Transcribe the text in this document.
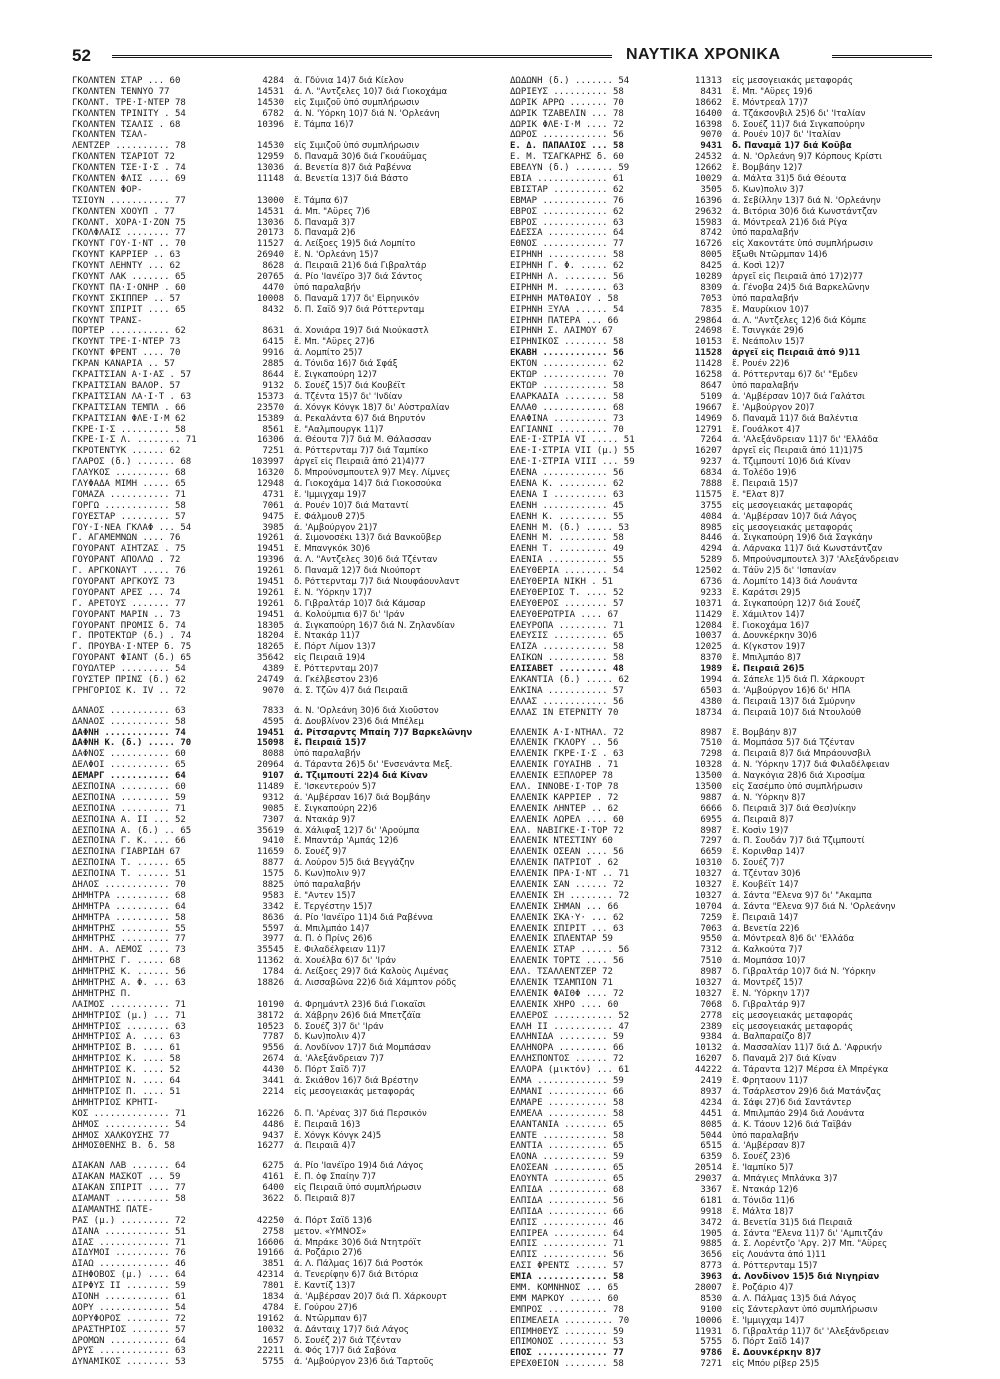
52	ΝΑΥΤΙΚΑ ΧΡΟΝΙΚΑ
ΓΚΟΛΝΤΕΝ ΣΤΑΡ ... 60	4284	ά. Γδύνια 14)7 διά Κίελον
ΓΚΟΛΝΤΕΝ ΤΕΝΝΥΟ 77	14531	ά. Λ. "Αντζελες 10)7 διά Γιοκοχάμα
ΓΚΟΛΝΤ. ΤΡΕ·Ι·ΝΤΕΡ 78	14530	εἰς Σιμιζοῦ ὑπό συμπλήρωσιν
ΓΚΟΛΝΤΕΝ ΤΡΙΝΙΤΥ . 54	6782	ά. Ν. 'Υόρκη 10)7 διά Ν. 'Ορλεάνη
ΓΚΟΛΝΤΕΝ ΤΣΑΛΙΣ . 68	10396	ἔ. Τάμπα 16)7
ΓΚΟΛΝΤΕΝ ΤΣΑΛ-
ΛΕΝΤΖΕΡ .......... 78	14530	εἰς Σιμιζοῦ ὑπό συμπλήρωσιν
ΓΚΟΛΝΤΕΝ ΤΣΑΡΙΟΤ 72	12959	δ. Παναμᾶ 30)6 διά Γκουάϋμας
ΓΚΟΛΝΤΕΝ ΤΣΕ·Ι·Σ . 74	13036	ά. Βενετία 8)7 διά Ραβέννα
ΓΚΟΛΝΤΕΝ ΦΛΙΣ .... 69	11148	ά. Βενετία 13)7 διά Βάστο
ΓΚΟΛΝΤΕΝ ΦΟΡ-
ΤΣΙΟΥΝ ........... 77	13000	ἔ. Τάμπα 6)7
ΓΚΟΛΝΤΕΝ ΧΟΟΥΠ . 77	14531	ά. Μπ. "Αϋρες 7)6
ΓΚΟΛΝΤ. ΧΟΡΑ·Ι·ΖΟΝ 75	13036	δ. Παναμᾶ 3)7
ΓΚΟΛΦΛΑΙΣ ........ 77	20173	δ. Παναμᾶ 2)6
ΓΚΟΥΝΤ ΓΟΥ·Ι·ΝΤ .. 70	11527	ά. Λείξοες 19)5 διά Λομπίτο
ΓΚΟΥΝΤ ΚΑΡΡΙΕΡ .. 63	26940	ἔ. Ν. 'Ορλεάνη 15)7
ΓΚΟΥΝΤ ΛΕΗΝΤΥ ... 62	8628	ά. Πειραιᾶ 21)6 διά Γιβραλτάρ
ΓΚΟΥΝΤ ΛΑΚ ....... 65	20765	ά. Ρίο 'Ιανέϊρο 3)7 διά Σάντος
ΓΚΟΥΝΤ ΠΑ·Ι·ΟΝΗΡ . 60	4470	ὑπό παραλαβήν
ΓΚΟΥΝΤ ΣΚΙΠΠΕΡ .. 57	10008	δ. Παναμᾶ 17)7 δι' Εἰρηνικόν
ΓΚΟΥΝΤ ΣΠΙΡΙΤ .... 65	8432	δ. Π. Σαΐδ 9)7 διά Ρόττερνταμ
ΓΚΟΥΝΤ ΤΡΑΝΣ-
ΠΟΡΤΕΡ ........... 62	8631	ά. Χονιάρα 19)7 διά Νιούκαστλ
ΓΚΟΥΝΤ ΤΡΕ·Ι·ΝΤΕΡ 73	6415	ἔ. Μπ. "Αϋρες 27)6
ΓΚΟΥΝΤ ΦΡΕΝΤ .... 70	9916	ά. Λομπίτο 25)7
ΓΚΡΑΝ ΚΑΝΑΡΙΑ .. 57	2885	ά. Τόνιδα 16)7 διά Σφάξ
ΓΚΡΑΙΤΣΙΑΝ Α·Ι·ΑΣ . 57	8644	ἔ. Σιγκαπούρη 12)7
ΓΚΡΑΙΤΣΙΑΝ ΒΑΛΟΡ. 57	9132	δ. Σουέζ 15)7 διά Κουβέϊτ
ΓΚΡΑΙΤΣΙΑΝ ΛΑ·Ι·Τ . 63	15373	ά. Τζέντα 15)7 δι' 'Ινδίαν
ΓΚΡΑΙΤΣΙΑΝ ΤΕΜΠΛ . 66	23570	ά. Χόνγκ Κόνγκ 18)7 δι' Αὐστραλίαν
ΓΚΡΑΙΤΣΙΑΝ ΦΛΕ·Ι·Μ 62	15389	ά. Ρεκαλάντα 6)7 διά Βηρυτόν
ΓΚΡΕ·Ι·Σ ......... 58	8561	ἔ. "Ααλμπουργκ 11)7
ΓΚΡΕ·Ι·Σ Λ. ........ 71	16306	ά. Θέουτα 7)7 διά Μ. Θάλασσαν
ΓΚΡΟΤΕΝΤΥΚ ...... 62	7251	ά. Ρόττερνταμ 7)7 διά Ταμπίκο
ΓΛΑΡΟΣ (δ.) ....... 68	103997	ἀργεῖ εἰς Πειραιᾶ ἀπό 21)4)77
ΓΛΑΥΚΟΣ .......... 68	16320	δ. Μπρούνσμπουτελ 9)7 Μεγ. Λίμνες
ΓΛΥΦΑΔΑ ΜΙΜΗ ..... 65	12948	ά. Γιοκοχάμα 14)7 διά Γιοκοσούκα
ΓΟΜΑΖΑ ........... 71	4731	ἔ. 'Ιμμιγχαμ 19)7
ΓΟΡΓΩ ............ 58	7061	ά. Ρουέν 10)7 διά Ματαντί
ΓΟΥΕΣΤΑΡ ......... 57	9475	ἔ. Φάλμουθ 27)5
ΓΟΥ·Ι·ΝΕΑ ΓΚΛΑΦ ... 54	3985	ά. 'Αμβούργον 21)7
Γ. ΑΓΑΜΕΜΝΩΝ .... 76	19261	ά. Σιμονοσέκι 13)7 διά Βανκοῦβερ
ΓΟΥΟΡΑΝΤ ΑΙΗΤΖΑΣ . 75	19451	ἔ. Μπανγκόκ 30)6
ΓΟΥΟΡΑΝΤ ΑΠΟΛΛΩ . 72	19396	ά. Λ. "Αντζελες 30)6 διά Τζένταν
Γ. ΑΡΓΚΟΝΑΥΤ ..... 76	19261	δ. Παναμᾶ 12)7 διά Νιούπορτ
ΓΟΥΟΡΑΝΤ ΑΡΓΚΟΥΣ 73	19451	δ. Ρόττερνταμ 7)7 διά Νιουφάουνλαντ
ΓΟΥΟΡΑΝΤ ΑΡΕΣ ... 74	19261	ἔ. Ν. 'Υόρκην 17)7
Γ. ΑΡΕΤΟΥΣ ....... 77	19261	δ. Γιβραλτάρ 10)7 διά Κάμσαρ
ΓΟΥΟΡΑΝΤ ΜΑΡΙΝ .. 73	19451	ά. Κολούμπια 6)7 δι' 'Ιράν
ΓΟΥΟΡΑΝΤ ΠΡΟΜΙΣ δ. 74	18305	ά. Σιγκαπούρη 16)7 διά Ν. Ζηλανδίαν
Γ. ΠΡΟΤΕΚΤΩΡ (δ.) . 74	18204	ἔ. Ντακάρ 11)7
Γ. ΠΡΟΥΒΑ·Ι·ΝΤΕΡ δ. 75	18265	ἔ. Πόρτ Λίμον 13)7
ΓΟΥΟΡΑΝΤ ΦΙΑΝΤ (δ.) 65	35642	εἰς Πειραιᾶ 19)4
ΓΟΥΩΛΤΕΡ ......... 54	4389	ἔ. Ρόττερνταμ 20)7
ΓΟΥΣΤΕΡ ΠΡΙΝΣ (δ.) 62	24749	ά. Γκέλβεστον 23)6
ΓΡΗΓΟΡΙΟΣ Κ. ΙV .. 72	9070	ά. Σ. Τζῶν 4)7 διά Πειραιᾶ
ΔΑΝΑΟΣ ........... 63	7833	ά. Ν. 'Ορλεάνη 30)6 διά Χιοῦστον
ΔΑΝΑΟΣ ........... 58	4595	ά. Δουβλίνον 23)6 διά Μπέλεμ
ΔΑΦΝΗ ............ 74	19451	ά. Ρίτσαρντς Μπαίη 7)7 Βαρκελῶνην
ΔΑΦΝΗ Κ. (δ.) ..... 70	15098	ἔ. Πειραιᾶ 15)7
ΔΑΦΝΟΣ ........... 60	8088	ὑπό παραλαβήν
ΔΕΛΦΟΙ ........... 65	20964	ά. Τάραντα 26)5 δι' 'Ενσενάντα Μεξ.
ΔΕΜΑΡΓ ........... 64	9107	ά. Τζιμπουτί 22)4 διά Κίναν
ΔΕΣΠΟΙΝΑ ......... 60	11489	ἔ. 'Ισκεντερούν 5)7
ΔΕΣΠΟΙΝΑ ......... 59	9312	ά. 'Αμβέρσαν 16)7 διά Βομβάην
ΔΕΣΠΟΙΝΑ ......... 71	9085	ἔ. Σιγκαπούρη 22)6
ΔΕΣΠΟΙΝΑ Α. ΙΙ ... 52	7307	ά. Ντακάρ 9)7
ΔΕΣΠΟΙΝΑ Α. (δ.) .. 65	35619	ά. Χάλιφαξ 12)7 δι' 'Αρούμπα
ΔΕΣΠΟΙΝΑ Γ. Κ. ... 66	9410	ἔ. Μπαντάρ 'Αμπάς 12)6
ΔΕΣΠΟΙΝΑ ΓΙΑΒΡΙΔΗ 67	11659	δ. Σουέζ 9)7
ΔΕΣΠΟΙΝΑ Τ. ...... 65	8877	ά. Λούρον 5)5 διά Βεγγάζην
ΔΕΣΠΟΙΝΑ Τ. ...... 51	1575	δ. Κων)πολιν 9)7
ΔΗΛΟΣ ............ 70	8825	ὑπό παραλαβήν
ΔΗΜΗΤΡΑ .......... 68	9583	ἔ. "Αντεν 15)7
ΔΗΜΗΤΡΑ .......... 64	3342	ἔ. Τεργέστην 15)7
ΔΗΜΗΤΡΑ .......... 58	8636	ά. Ρίο 'Ιανέϊρο 11)4 διά Ραβέννα
ΔΗΜΗΤΡΗΣ ......... 55	5597	ά. Μπιλμπάο 14)7
ΔΗΜΗΤΡΗΣ ......... 77	3977	ά. Π. ὀ Πρίνς 26)6
ΔΗΜ. Α. ΛΕΜΟΣ .... 73	35545	ἔ. Φιλαδέλφειαν 11)7
ΔΗΜΗΤΡΗΣ Γ. ..... 68	11362	ά. Χουέλβα 6)7 δι' 'Ιράν
ΔΗΜΗΤΡΗΣ Κ. ...... 56	1784	ά. Λείξοες 29)7 διά Καλοὺς Λιμένας
ΔΗΜΗΤΡΗΣ Α. Φ. ... 63	18826	ά. Λισσαβῶνα 22)6 διά Χάμπτον ρόδς
ΔΗΜΗΤΡΗΣ Π.
ΛΑΙΜΟΣ ........... 71	10190	ά. Φρημάντλ 23)6 διά Γιοκαΐσι
ΔΗΜΗΤΡΙΟΣ (μ.) ... 71	38172	ά. Χάβρην 26)6 διά Μπετζάϊα
ΔΗΜΗΤΡΙΟΣ ........ 63	10523	δ. Σουέζ 3)7 δι' 'Ιράν
ΔΗΜΗΤΡΙΟΣ Α. .... 63	7787	δ. Κων)πολιν 4)7
ΔΗΜΗΤΡΙΟΣ Β. .... 61	9556	ά. Λονδίνον 17)7 διά Μομπάσαν
ΔΗΜΗΤΡΙΟΣ Κ. .... 58	2674	ά. 'Αλεξάνδρειαν 7)7
ΔΗΜΗΤΡΙΟΣ Κ. .... 52	4430	δ. Πόρτ Σαΐδ 7)7
ΔΗΜΗΤΡΙΟΣ Ν. .... 64	3441	ά. Σκιάθον 16)7 διά Βρέστην
ΔΗΜΗΤΡΙΟΣ Π. .... 51	2214	εἰς μεσογειακάς μεταφοράς
ΔΗΜΗΤΡΙΟΣ ΚΡΗΤΙ-
ΚΟΣ .............. 71	16226	δ. Π. 'Αρένας 3)7 διά Περσικόν
ΔΗΜΟΣ ............ 54	4486	ἔ. Πειραιᾶ 16)3
ΔΗΜΟΣ ΧΑΛΚΟΥΣΗΣ 77	9437	ἔ. Χόνγκ Κόνγκ 24)5
ΔΗΜΟΣΘΕΝΗΣ Β. δ. 58	16277	ά. Πειραιᾶ 4)7
ΔΙΑΚΑΝ ΛΑΒ ....... 64	6275	ά. Ρίο 'Ιανέϊρο 19)4 διά Λάγος
ΔΙΑΚΑΝ ΜΑΣΚΟΤ ... 59	4161	ἔ. Π. ὀφ Σπαίην 7)7
ΔΙΑΚΑΝ ΣΠΙΡΙΤ .... 77	6400	εἰς Πειραιᾶ ὑπό συμπλήρωσιν
ΔΙΑΜΑΝΤ .......... 58	3622	δ. Πειραιᾶ 8)7
ΔΙΑΜΑΝΤΗΣ ΠΑΤΕ-
ΡΑΣ (μ.) ......... 72	42250	ά. Πόρτ Σαΐδ 13)6
ΔΙΑΝΑ ............ 51	2758	μετον. «ΥΜΝΟΣ»
ΔΙΑΣ ............. 71	16606	ά. Μπράκε 30)6 διά Ντητρόϊτ
ΔΙΔΥΜΟΙ .......... 76	19166	ά. Ροζάριο 27)6
ΔΙΑΩ ............. 46	3851	ά. Λ. Πάλμας 16)7 διά Ροστόκ
ΔΙΗΦΟΒΟΣ (μ.) .... 64	42314	ά. Τενερίφην 6)7 διά Βιτόρια
ΔΙΡΦΥΣ ΙΙ ........ 59	7801	ἔ. Καντίζ 13)7
ΔΙΟΝΗ ............ 61	1834	ά. 'Αμβέρσαν 20)7 διά Π. Χάρκουρτ
ΔΟΡΥ ............. 54	4784	ἔ. Γούρου 27)6
ΔΟΡΥΦΟΡΟΣ ........ 72	19162	ά. Ντῶρμπαν 6)7
ΔΡΑΣΤΗΡΙΟΣ ....... 57	10032	ά. Δάνταιχ 17)7 διά Λάγος
ΔΡΟΜΩΝ ........... 64	1657	δ. Σουέζ 2)7 διά Τζένταν
ΔΡΥΣ ............. 63	22211	ά. Φός 17)7 διά Σαβόνα
ΔΥΝΑΜΙΚΟΣ ........ 53	5755	ά. 'Αμβούργον 23)6 διά Ταρτοῦς
ΔΩΔΩΝΗ (δ.) ....... 54	11313	εἰς μεσογειακάς μεταφοράς
ΔΩΡΙΕΥΣ .......... 58	8431	ἔ. Μπ. "Αϋρες 19)6
ΔΩΡΙΚ ΑΡΡΩ ....... 70	18662	ἔ. Μόντρεαλ 17)7
ΔΩΡΙΚ ΤΖΑΒΕΛΙΝ ... 78	16400	ά. Τζάκσονβιλ 25)6 δι' 'Ιταλίαν
ΔΩΡΙΚ ΦΛΕ·Ι·Μ .... 72	16398	δ. Σουέζ 11)7 διά Σιγκαπούρην
ΔΩΡΟΣ ............ 56	9070	ά. Ρουέν 10)7 δι' 'Ιταλίαν
Ε. Δ. ΠΑΠΑΛΙΟΣ ... 58	9431	δ. Παναμᾶ 1)7 διά Κοῦβα
Ε. Μ. ΤΣΑΓΚΑΡΗΣ δ. 60	24532	ά. Ν. 'Ορλεάνη 9)7 Κόρπους Κρίστι
ΕΒΕΛΥΝ (δ.) ....... 59	12662	ἔ. Βομβάην 12)7
ΕΒΙΑ ............. 61	10029	ά. Μάλτα 31)5 διά Θέουτα
ΕΒΙΣΤΑΡ .......... 62	3505	δ. Κων)πολιν 3)7
ΕΒΜΑΡ ............ 76	16396	ά. Σεβίλλην 13)7 διά Ν. 'Ορλεάνην
ΕΒΡΟΣ ............ 62	29632	ά. Βιτόρια 30)6 διά Κωνστάντζαν
ΕΒΡΟΣ ............ 63	15983	ά. Μόντρεαλ 21)6 διά Ρίγα
ΕΔΕΣΣΑ ........... 64	8742	ὑπό παραλαβήν
ΕΘΝΟΣ ............ 77	16726	εἰς Χακοντάτε ὑπό συμπλήρωσιν
ΕΙΡΗΝΗ ........... 58	8005	ἔξωθι Ντῶρμπαν 14)6
ΕΙΡΗΝΗ Γ. Φ. ..... 62	8425	ά. Κοσὶ 12)7
ΕΙΡΗΝΗ Λ. ........ 56	10289	ἀργεῖ εἰς Πειραιᾶ ἀπό 17)2)77
ΕΙΡΗΝΗ Μ. ........ 63	8309	ά. Γένοβα 24)5 διά Βαρκελῶνην
ΕΙΡΗΝΗ ΜΑΤΘΑΙΟΥ . 58	7053	ὑπό παραλαβήν
ΕΙΡΗΝΗ ΞΥΛΑ ...... 54	7835	ἔ. Μαυρίκιον 10)7
ΕΙΡΗΝΗ ΠΑΤΕΡΑ ... 66	29864	ά. Λ. "Αντζελες 12)6 διά Κόμπε
ΕΙΡΗΝΗ Σ. ΛΑΙΜΟΥ 67	24698	ἔ. Τσινγκάε 29)6
ΕΙΡΗΝΙΚΟΣ ........ 58	10153	ἔ. Νεάπολιν 15)7
ΕΚΑΒΗ ............ 56	11528	ἀργεῖ εἰς Πειραιᾶ ἀπό 9)11
ΕΚΤΟΝ ............ 62	11428	ἔ. Ρουέν 22)6
ΕΚΤΩΡ ............ 70	16258	ά. Ρόττερνταμ 6)7 δι' "Εμδεν
ΕΚΤΩΡ ............ 58	8647	ὑπό παραλαβήν
ΕΛΑΡΚΑΔΙΑ ........ 58	5109	ά. 'Αμβέρσαν 10)7 διά Γαλάτσι
ΕΛΛΑΘ ............ 68	19667	ἔ. 'Αμβούργον 20)7
ΕΛΑΦΙΝΑ .......... 73	14969	δ. Παναμᾶ 11)7 διά Βαλέντια
ΕΛΓΙΑΝΝΙ ......... 70	12791	ἔ. Γουάλκοτ 4)7
ΕΛΕ·Ι·ΣΤΡΙΑ VΙ ..... 51	7264	ά. 'Αλεξάνδρειαν 11)7 δι' 'Ελλάδα
ΕΛΕ·Ι·ΣΤΡΙΑ VΙΙ (μ.) 55	16207	ἀργεῖ εἰς Πειραιᾶ ἀπό 11)1)75
ΕΛΕ·Ι·ΣΤΡΙΑ VΙΙΙ ... 59	9237	ά. Τζιμπουτί 10)6 διά Κίναν
ΕΛΕΝΑ ............ 56	6834	ά. Τολέδο 19)6
ΕΛΕΝΑ Κ. ......... 62	7888	ἔ. Πειραιᾶ 15)7
ΕΛΕΝΑ Ι .......... 63	11575	ἔ. "Ελατ 8)7
ΕΛΕΝΗ ............ 45	3755	εἰς μεσογειακάς μεταφοράς
ΕΛΕΝΗ Κ. ......... 55	4084	ά. 'Αμβέρσαν 10)7 διά Λάγος
ΕΛΕΝΗ Μ. (δ.) ..... 53	8985	εἰς μεσογειακάς μεταφοράς
ΕΛΕΝΗ Μ. ......... 58	8446	ά. Σιγκαπούρη 19)6 διά Σαγκάην
ΕΛΕΝΗ Τ. ......... 49	4294	ά. Λάρνακα 11)7 διά Κωνστάντζαν
ΕΛΕΝΙΑ ........... 55	5289	δ. Μπρούνσμπουτελ 3)7 'Αλεξάνδρειαν
ΕΛΕΥΘΕΡΙΑ ........ 54	12502	ά. Τάϋν 2)5 δι' 'Ισπανίαν
ΕΛΕΥΘΕΡΙΑ ΝΙΚΗ . 51	6736	ά. Λομπίτο 14)3 διά Λουάντα
ΕΛΕΥΘΕΡΙΟΣ Τ. .... 52	9233	ἔ. Καράτσι 29)5
ΕΛΕΥΘΕΡΟΣ ........ 57	10371	ά. Σιγκαπούρη 12)7 διά Σουέζ
ΕΛΕΥΘΕΡΩΤΡΙΑ .... 67	11429	ἔ. Χάμιλτον 14)7
ΕΛΕΥΡΟΠΑ ......... 71	12084	ἔ. Γιοκοχάμα 16)7
ΕΛΕΥΣΙΣ .......... 65	10037	ά. Δουνκέρκην 30)6
ΕΛΙΖΑ ............ 58	12025	ά. Κ(γκστον 19)7
ΕΛΙΚΩΝ ........... 58	8370	ἔ. Μπιλμπάο 8)7
ΕΛΙΣΑΒΕΤ ......... 48	1989	ἔ. Πειραιᾶ 26)5
ΕΛΚΑΝΤΙΑ (δ.) ..... 62	1994	ά. Σάπελε 1)5 διά Π. Χάρκουρτ
ΕΛΚΙΝΑ ........... 57	6503	ά. 'Αμβούργον 16)6 δι' ΗΠΑ
ΕΛΛΑΣ ............ 56	4380	ά. Πειραιᾶ 13)7 διά Σμύρνην
ΕΛΛΑΣ ΙΝ ΕΤΕΡΝΙΤΥ 70	18734	ά. Πειραιᾶ 10)7 διά Ντουλούθ
ΕΛΛΕΝΙΚ Α·Ι·ΝΤΗΑΛ. 72	8987	ἔ. Βομβάην 8)7
ΕΛΛΕΝΙΚ ΓΚΛΟΡΥ .. 56	7510	ά. Μομπάσα 5)7 διά Τζένταν
ΕΛΛΕΝΙΚ ΓΚΡΕ·Ι·Σ . 63	7298	ά. Πειραιᾶ 8)7 διά Μπράουνσβιλ
ΕΛΛΕΝΙΚ ΓΟΥΑΙΗΒ . 71	10328	ά. Ν. 'Υόρκην 17)7 διά Φιλαδέλφειαν
ΕΛΛΕΝΙΚ ΕΞΠΛΟΡΕΡ 78	13500	ά. Ναγκόγια 28)6 διά Χιροσίμα
ΕΛΛ. ΙΝΝΟΒΕ·Ι·ΤΟΡ 78	13500	εἰς Σασέμπο ὑπό συμπλήρωσιν
ΕΛΛΕΝΙΚ ΚΑΡΡΙΕΡ . 72	9887	ά. Ν. 'Υόρκην 8)7
ΕΛΛΕΝΙΚ ΛΗΝΤΕΡ .. 62	6666	δ. Πειραιᾶ 3)7 διά Θεσ)νίκην
ΕΛΛΕΝΙΚ ΛΩΡΕΛ .... 60	6955	ά. Πειραιᾶ 8)7
ΕΛΛ. ΝΑΒΙΓΚΕ·Ι·ΤΟΡ 72	8987	ἔ. Κοσὶν 19)7
ΕΛΛΕΝΙΚ ΝΤΕΣΤΙΝΥ 60	7297	ά. Π. Σουδάν 7)7 διά Τζιμπουτί
ΕΛΛΕΝΙΚ ΟΣΕΑΝ .... 56	6659	ἔ. Κορινθαρ 14)7
ΕΛΛΕΝΙΚ ΠΑΤΡΙΟΤ . 62	10310	δ. Σουέζ 7)7
ΕΛΛΕΝΙΚ ΠΡΑ·Ι·ΝΤ .. 71	10327	ά. Τζένταν 30)6
ΕΛΛΕΝΙΚ ΣΑΝ ...... 72	10327	ἔ. Κουβέϊτ 14)7
ΕΛΛΕΝΙΚ ΣΗ ........ 72	10327	ά. Σάντα "Ελενα 9)7 δι' "Ακαμπα
ΕΛΛΕΝΙΚ ΣΗΜΑΝ ... 66	10704	ά. Σάντα "Ελενα 9)7 διά Ν. 'Ορλεάνην
ΕΛΛΕΝΙΚ ΣΚΑ·Υ· ... 62	7259	ἔ. Πειραιᾶ 14)7
ΕΛΛΕΝΙΚ ΣΠΙΡΙΤ ... 63	7063	ά. Βενετία 22)6
ΕΛΛΕΝΙΚ ΣΠΛΕΝΤΑΡ 59	9550	ά. Μόντρεαλ 8)6 δι' 'Ελλάδα
ΕΛΛΕΝΙΚ ΣΤΑΡ ...... 56	7312	ά. Καλκούτα 7)7
ΕΛΛΕΝΙΚ ΤΟΡΤΣ .... 56	7510	ά. Μομπάσα 10)7
ΕΛΛ. ΤΣΑΛΛΕΝΤΖΕΡ 72	8987	δ. Γιβραλτάρ 10)7 διά Ν. 'Υόρκην
ΕΛΛΕΝΙΚ ΤΣΑΜΠΙΟΝ 71	10327	ά. Μοντρέζ 15)7
ΕΛΛΕΝΙΚ ΦΑΙΘΦ .... 72	10327	ἔ. Ν. 'Υόρκην 17)7
ΕΛΛΕΝΙΚ ΧΗΡΟ .... 60	7068	δ. Γιβραλτάρ 9)7
ΕΛΛΕΡΟΣ ........... 52	2778	εἰς μεσογειακάς μεταφοράς
ΕΛΛΗ ΙΙ ........... 47	2389	εἰς μεσογειακάς μεταφοράς
ΕΛΛΗΝΙΔΑ ......... 59	9384	ά. Βαλπαραίζο 8)7
ΕΛΛΗΝΟΡΑ ......... 66	10132	ά. Μασσαλίαν 11)7 διά Δ. 'Αφρικήν
ΕΛΛΗΣΠΟΝΤΟΣ ...... 72	16207	δ. Παναμᾶ 2)7 διά Κίναν
ΕΛΛΟΡΑ (μικτόν) ... 61	44222	ά. Τάραντα 12)7 Μέρσα ἐλ Μπρέγκα
ΕΛΜΑ ............. 59	2419	ἔ. Φρηταουν 11)7
ΕΛΜΑΝΙ ........... 66	8937	ά. Τσάρλεστον 29)6 διά Ματάνζας
ΕΛΜΑΡΕ ........... 58	4234	ά. Σάφι 27)6 διά Σαντάντερ
ΕΛΜΕΛΑ ........... 58	4451	ά. Μπιλμπάο 29)4 διά Λουάντα
ΕΛΑΝΤΑΝΙΑ ........ 65	8085	ά. Κ. Τάουν 12)6 διά Ταϊβάν
ΕΛΝΤΕ ............ 58	5044	ὑπό παραλαβήν
ΕΛΝΤΙΑ ........... 65	6515	ά. 'Αμβέρσαν 8)7
ΕΛΟΝΑ ............ 59	6359	δ. Σουέζ 23)6
ΕΛΟΣΕΑΝ .......... 65	20514	ἔ. 'Ιαμπίκο 5)7
ΕΛΟΥΝΤΑ .......... 65	29037	ά. Μπάγιες Μπλάνκα 3)7
ΕΛΠΙΔΑ ........... 68	3367	ἔ. Ντακάρ 12)6
ΕΛΠΙΔΑ ........... 56	6181	ά. Τόνιδα 11)6
ΕΛΠΙΔΑ ........... 66	9918	ἔ. Μάλτα 18)7
ΕΛΠΙΣ ............ 46	3472	ά. Βενετία 31)5 διά Πειραιᾶ
ΕΛΠΙΡΕΑ .......... 64	1905	ά. Σάντα "Ελενα 11)7 δι' 'Αμπιτζάν
ΕΛΠΙΣ ............ 71	9885	ά. Σ. Λορέντζο 'Αργ. 2)7 Μπ. "Αϋρες
ΕΛΠΙΣ ............ 56	3656	εἰς Λουάντα ἀπό 1)11
ΕΛΣΙ ΦΡΕΝΤΣ ...... 57	8773	ά. Ρόττερνταμ 15)7
ΕΜΙΑ ............. 58	3963	ά. Λονδίνον 15)5 διά Νιγηρίαν
ΕΜΜ. ΚΟΜΝΗΝΟΣ ... 65	28007	ἔ. Ροζάριο 4)7
ΕΜΜ ΜΑΡΚΟΥ ...... 60	8530	ά. Λ. Πάλμας 13)5 διά Λάγος
ΕΜΠΡΟΣ ........... 78	9100	εἰς Σάντερλαντ ὑπό συμπλήρωσιν
ΕΠΙΜΕΛΕΙΑ ......... 70	10006	ἔ. 'Ιμμιγχαμ 14)7
ΕΠΙΜΗΘΕΥΣ ........ 59	11931	δ. Γιβραλτάρ 11)7 δι' 'Αλεξάνδρειαν
ΕΠΙΜΟΝΟΣ ......... 53	5755	δ. Πόρτ Σαΐδ 14)7
ΕΠΟΣ ............. 77	9786	ἔ. Δουνκέρκην 8)7
ΕΡΕΧΘΕΙΟΝ ........ 58	7271	εἰς Μπόυ ρίβερ 25)5
